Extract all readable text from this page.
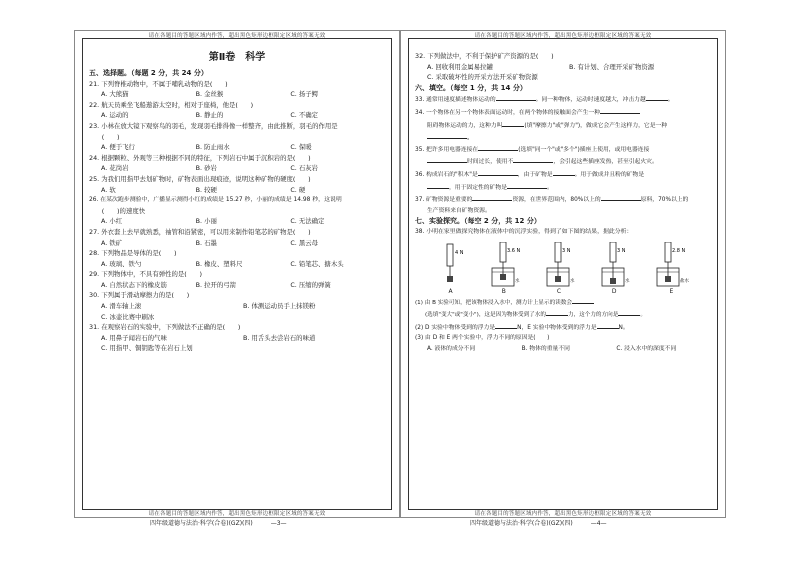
请在各题目的答题区域内作答，超出黑色矩形边框限定区域的答案无效
第Ⅱ卷　科学
五、选择题。（每题 2 分，共 24 分）
21. 下列脊椎动物中，不属于哺乳动物的是(　　)
A. 大熊猫	B. 金丝猴	C. 扬子鳄
22. 航天员乘坐飞船遨游太空时，相对于座椅，他是(　　)
A. 运动的	B. 静止的	C. 不确定
23. 小林在放大镜下观察鸟的羽毛，发现羽毛排得像一样整齐，由此推断，羽毛的作用是
　　(　　)
A. 便于飞行	B. 防止雨水	C. 保暖
24. 根据颗粒、外观等三种根据不同的特征，下列岩石中属于沉积岩的是(　　)
A. 花岗岩	B. 砂岩	C. 石灰岩
25. 为我们用指甲去划矿物时，矿物表面出现痕迹，说明这种矿物的硬度(　　)
A. 软	B. 较硬	C. 硬
26. 在某次跑步测验中，广播显示测得小红的成绩是 15.27 秒，小丽的成绩是 14.98 秒，这说明
　　(　　)的速度快
A. 小红	B. 小丽	C. 无法确定
27. 外衣套上去早就熟悉，袖管和沿紧密，可以用来制作铅笔芯的矿物是(　　)
A. 铁矿	B. 石墨	C. 黑云母
28. 下列物品是导体的是(　　)
A. 玻璃、铁勺	B. 橡皮、塑料尺	C. 铅笔芯、搪木头
29. 下列物体中，不具有弹性的是(　　)
A. 自然状态下的橡皮筋	B. 拉开的弓箭	C. 压缩的弹簧
30. 下列属于滑动摩擦力的是(　　)
A. 滑车轴上滚	B. 体测运动员手上抹镁粉
C. 冰壶比赛中刷冰
31. 在观察岩石的实验中，下列做法不正确的是(　　)
A. 用鼻子闻岩石的气味	B. 用舌头去尝岩石的味道
C. 用指甲、铜钥匙等在岩石上划
请在各题目的答题区域内作答，超出黑色矩形边框限定区域的答案无效
四年级道德与法治·科学(合卷)(GZ)(四)　　　—3—
请在各题目的答题区域内作答，超出黑色矩形边框限定区域的答案无效
32. 下列做法中，不利于保护矿产资源的是(　　)
A. 回收利用金属易拉罐	B. 有计划、合理开采矿物资源
C. 采取破坏性的开采方法开采矿物资源
六、填空。（每空 1 分，共 14 分）
33. 通常用速度描述物体运动的	。同一种物体，运动时速度越大，冲击力越	。
34. 一个物体在另一个物体表面运动时，在两个物体的接触面会产生一种
阻碍物体运动的力，这种力叫	(填"摩擦力"或"弹力")，做成它会产生这样力，它是一种
。
35. 把许多用电器连接在	(选填"同一个"或"多个")插座上使用，或用电器连接
时间过长，使用不	，会引起这些插座发热，甚至引起火灾。
36. 构成岩石的"积木"是	，由于矿物是	。用于做成并且粉的矿物是
，用于固定性的矿物是	。
37. 矿物资源是重要的	资源，在世界范围内，80%以上的	原料，70%以上的
生产资料来自矿物资源。
七、实验探究。（每空 2 分，共 12 分）
38. 小明在家里做探究物体在液体中的沉浮实验，得到了如下图的结果，据此分析：
4 N
A
3.6 N
水
B
3 N
水
C
3 N
水
D
2.8 N
盐水
E
(1) 由 B 实验可知，把该物体浸入水中，测力计上显示的读数会
(选填"变大"或"变小")，这是因为物体受到了水的	力，这个力的方向是	。
(2) D 实验中物体受到的浮力是	N，E 实验中物体受到的浮力是	N。
(3) 由 D 和 E 两个实验中，浮力不同的原因是(　　)
A. 液体的成分不同	B. 物体的重量不同	C. 浸入水中的深度不同
请在各题目的答题区域内作答，超出黑色矩形边框限定区域的答案无效
四年级道德与法治·科学(合卷)(GZ)(四)　　　—4—
